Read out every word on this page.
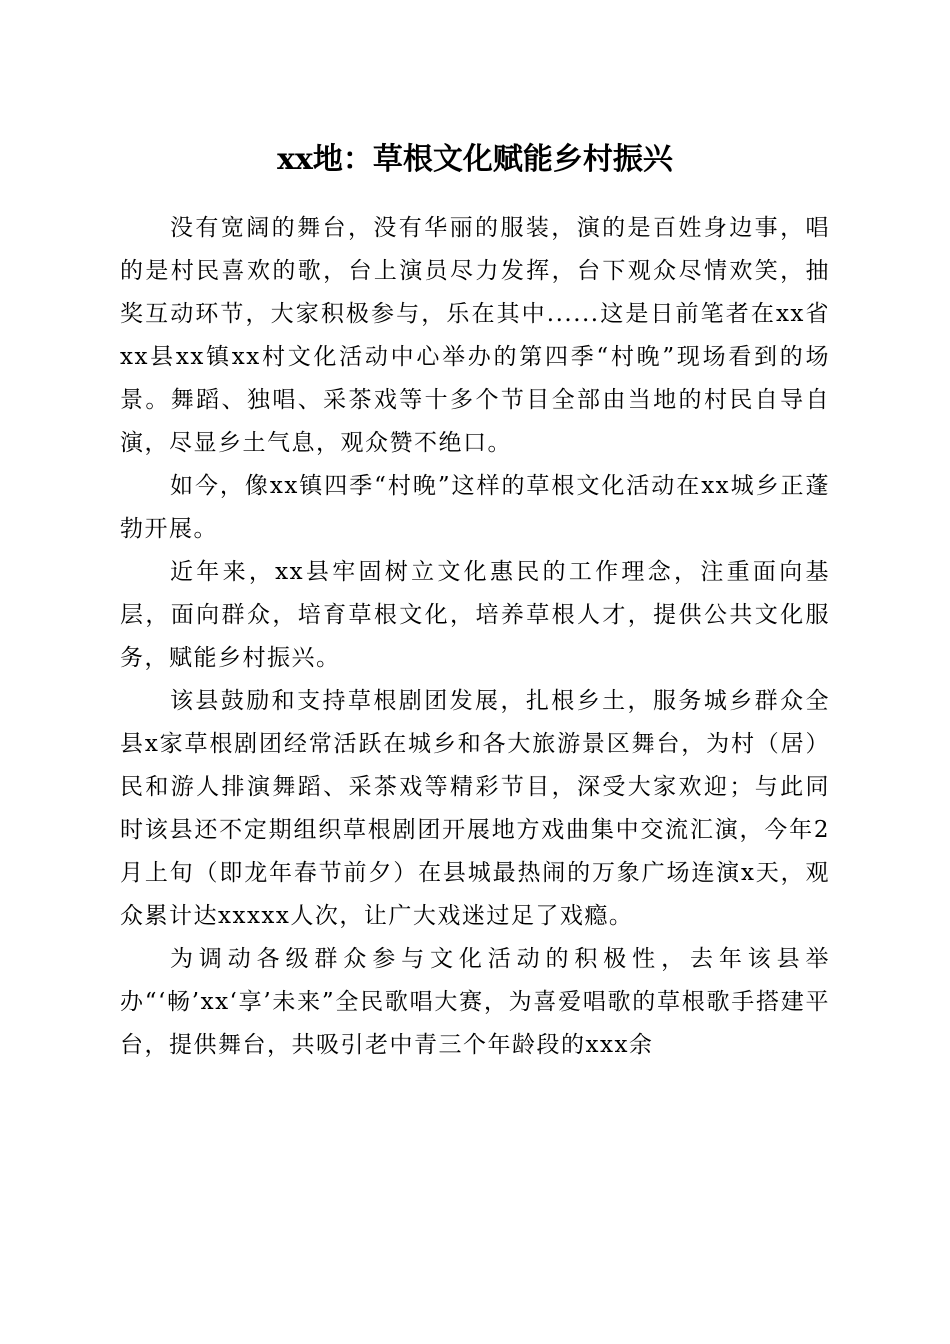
xx地：草根文化赋能乡村振兴

没有宽阔的舞台，没有华丽的服装，演的是百姓身边事，唱的是村民喜欢的歌，台上演员尽力发挥，台下观众尽情欢笑，抽奖互动环节，大家积极参与，乐在其中......这是日前笔者在xx省xx县xx镇xx村文化活动中心举办的第四季“村晚”现场看到的场景。舞蹈、独唱、采茶戏等十多个节目全部由当地的村民自导自演，尽显乡土气息，观众赞不绝口。

如今，像xx镇四季“村晚”这样的草根文化活动在xx城乡正蓬勃开展。

近年来，xx县牢固树立文化惠民的工作理念，注重面向基层，面向群众，培育草根文化，培养草根人才，提供公共文化服务，赋能乡村振兴。

该县鼓励和支持草根剧团发展，扎根乡土，服务城乡群众全县x家草根剧团经常活跃在城乡和各大旅游景区舞台，为村（居）民和游人排演舞蹈、采茶戏等精彩节目，深受大家欢迎；与此同时该县还不定期组织草根剧团开展地方戏曲集中交流汇演，今年2月上旬（即龙年春节前夕）在县城最热闹的万象广场连演x天，观众累计达xxxxx人次，让广大戏迷过足了戏瘾。

为调动各级群众参与文化活动的积极性，去年该县举办“‘畅’xx‘享’未来”全民歌唱大赛，为喜爱唱歌的草根歌手搭建平台，提供舞台，共吸引老中青三个年龄段的xxx余
